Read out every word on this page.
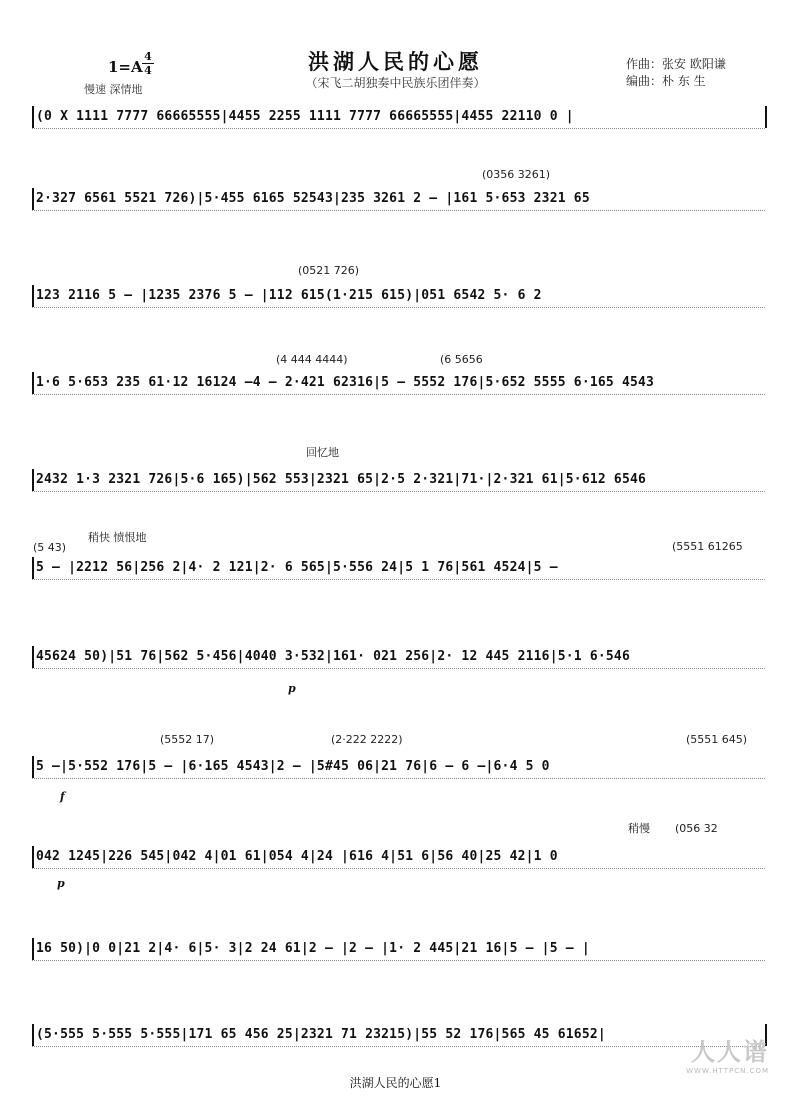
洪湖人民的心愿
（宋飞二胡独奏中民族乐团伴奏）
1=A
4
4
慢速 深情地
作曲：张安 欧阳谦
编曲：朴 东 生
(0 X 1111 7777 66665555|4455 2255 1111 7777 66665555|4455 22110 0 |
2·327 6561 5521 726)|5·455 6165 52543|235 3261 2 – |161 5·653 2321 65
123 2116 5 – |1235 2376 5 – |112 615(1·215 615)|051 6542 5· 6 2
1·6 5·653 235 61·12 16124 –4 – 2·421 62316|5 – 5552 176|5·652 5555 6·165 4543
2432 1·3 2321 726|5·6 165)|562 553|2321 65|2·5 2·321|71·|2·321 61|5·612 6546
5 – |2212 56|256 2|4· 2 121|2· 6 565|5·556 24|5 1 76|561 4524|5 –
45624 50)|51 76|562 5·456|4040 3·532|161· 021 256|2· 12 445 2116|5·1 6·546
5 –|5·552 176|5 – |6·165 4543|2 – |5#45 06|21 76|6 – 6 –|6·4 5 0
042 1245|226 545|042 4|01 61|054 4|24 |616 4|51 6|56 40|25 42|1 0
16 50)|0 0|21 2|4· 6|5· 3|2 24 61|2 – |2 – |1· 2 445|21 16|5 – |5 – |
(5·555 5·555 5·555|171 65 456 25|2321 71 23215)|55 52 176|565 45 61652|
(0356 3261)
(0521 726)
(4 444 4444)	(6 5656
回忆地
(5 43)
稍快 愤恨地
(5551 61265
(5552 17)	(2·222 2222)	(5551 645)
稍慢 (056 32
p
f
p
洪湖人民的心愿1
人人谱
WWW.HTTPCN.COM
